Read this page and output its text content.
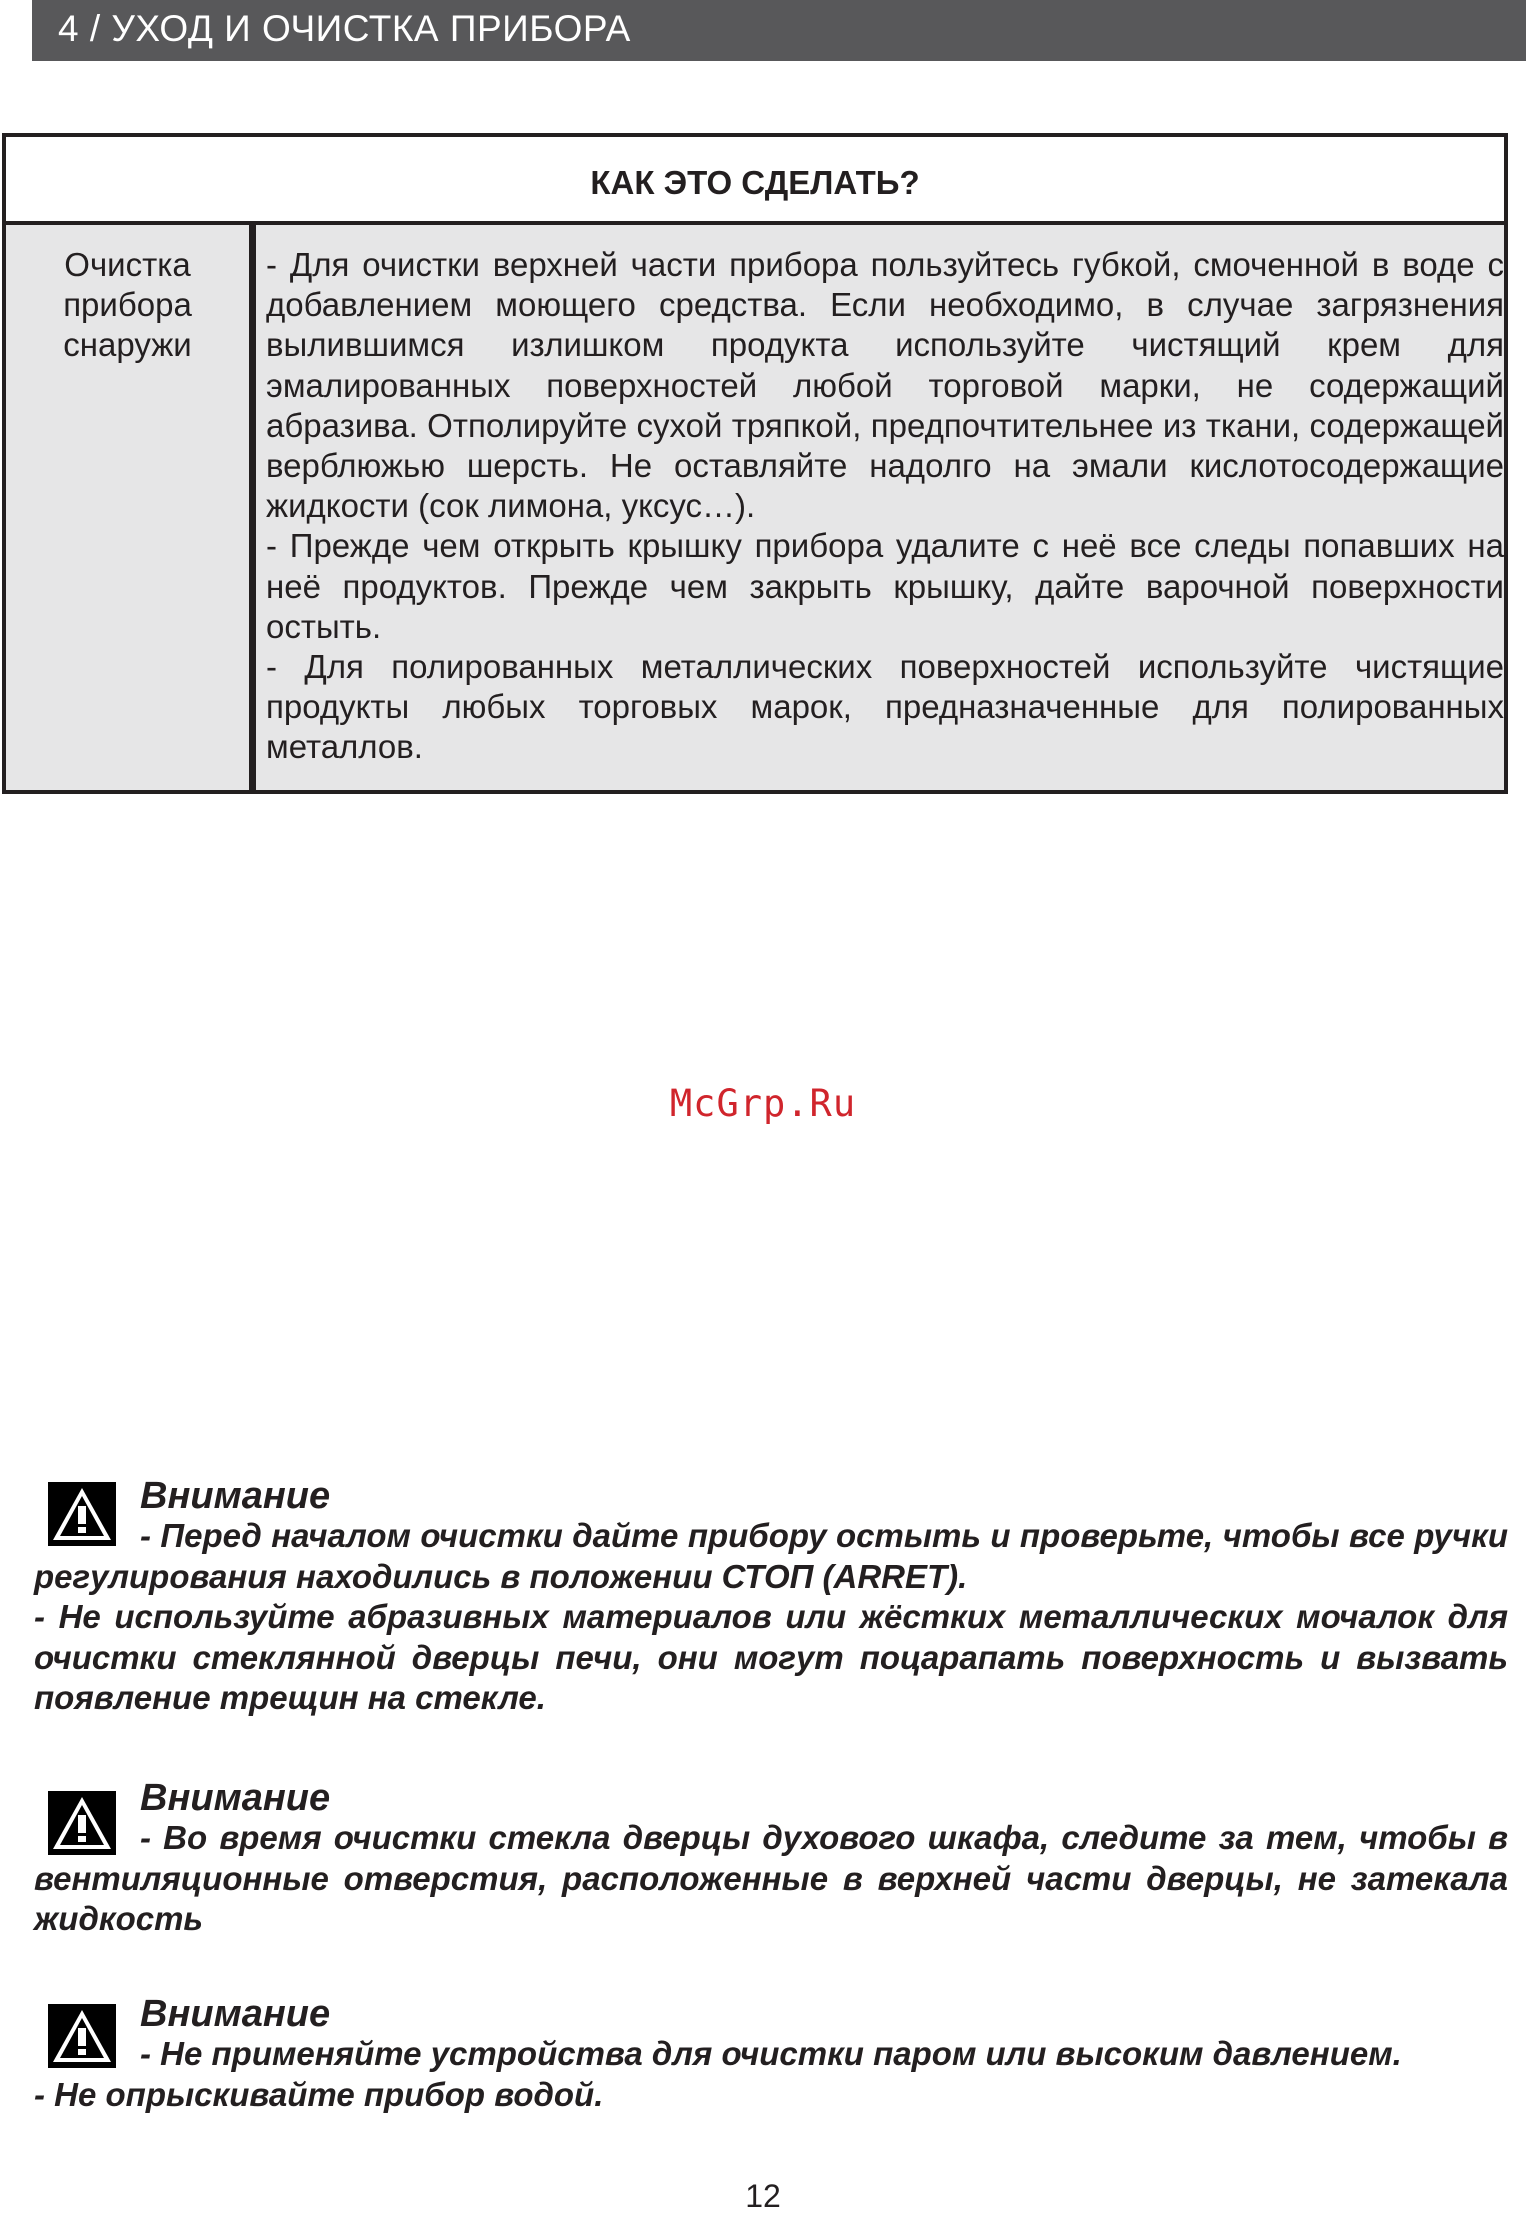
4 / УХОД И ОЧИСТКА ПРИБОРА
КАК ЭТО СДЕЛАТЬ?
Очистка
прибора
снаружи

- Для очистки верхней части прибора пользуйтесь губкой, смоченной в воде с добавлением моющего средства. Если необходимо, в случае загрязнения вылившимся излишком продукта используйте чистящий крем для эмалированных поверхностей любой торговой марки, не содержащий абразива. Отполируйте сухой тряпкой, предпочтительнее из ткани, содержащей верблюжью шерсть. Не оставляйте надолго на эмали кислотосодержащие жидкости (сок лимона, уксус…).

- Прежде чем открыть крышку прибора удалите с неё все следы попавших на неё продуктов. Прежде чем закрыть крышку, дайте варочной поверхности остыть.

- Для полированных металлических поверхностей используйте чистящие продукты любых торговых марок, предназначенные для полированных металлов.

McGrp.Ru
Внимание

- Перед началом очистки дайте прибору остыть и проверьте, чтобы все ручки регулирования находились в положении СТОП (ARRET).

- Не используйте абразивных материалов или жёстких металлических мочалок для очистки стеклянной дверцы печи, они могут поцарапать поверхность и вызвать появление трещин на стекле.

Внимание

- Во время очистки стекла дверцы духового шкафа, следите за тем, чтобы в вентиляционные отверстия, расположенные в верхней части дверцы, не затекала жидкость

Внимание

- Не применяйте устройства для очистки паром или высоким давлением.

- Не опрыскивайте прибор водой.

12
